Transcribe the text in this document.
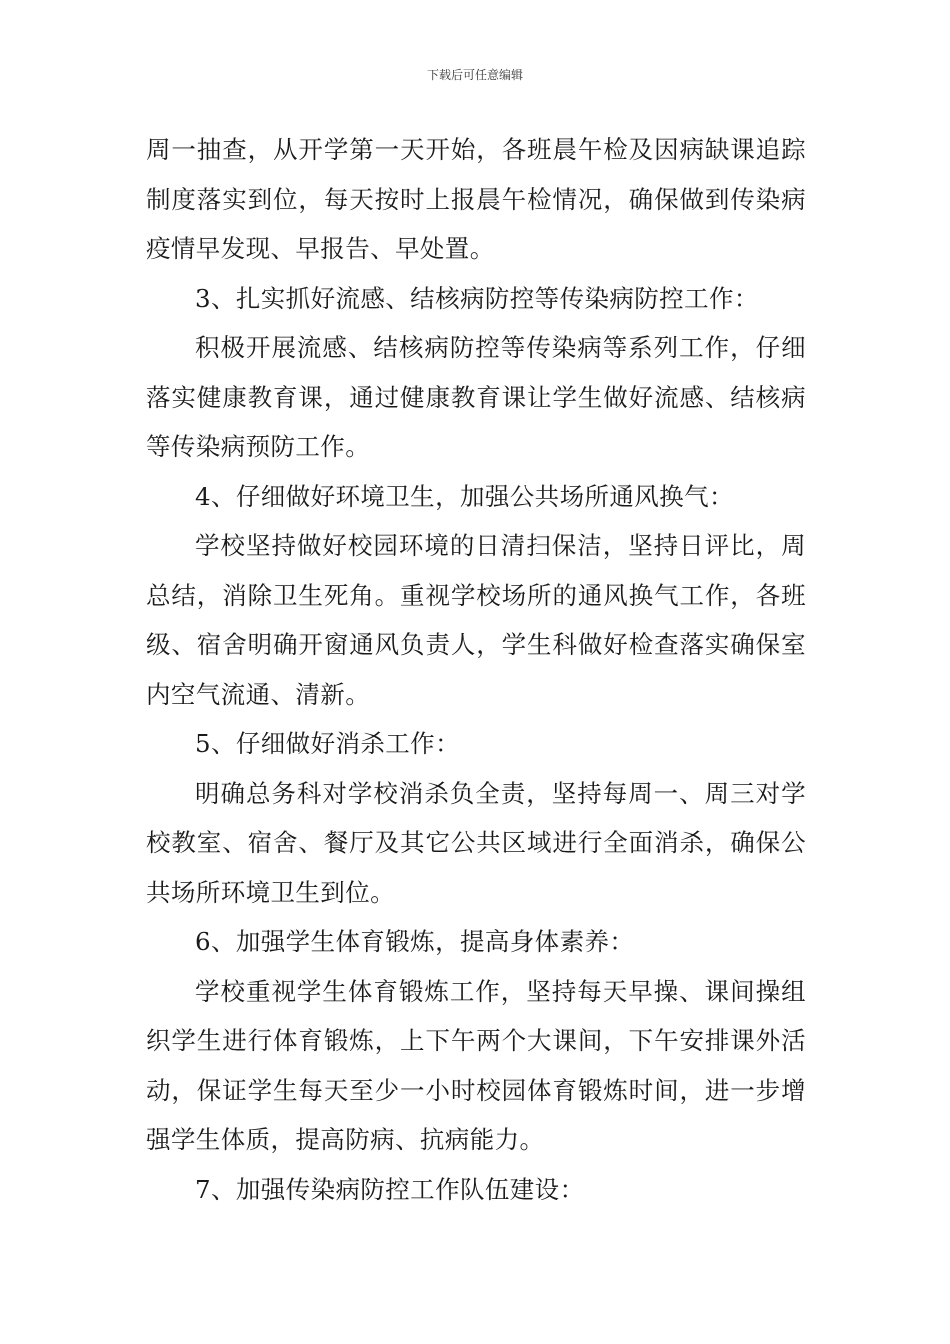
下载后可任意编辑

周一抽查，从开学第一天开始，各班晨午检及因病缺课追踪制度落实到位，每天按时上报晨午检情况，确保做到传染病疫情早发现、早报告、早处置。

3、扎实抓好流感、结核病防控等传染病防控工作：

积极开展流感、结核病防控等传染病等系列工作，仔细落实健康教育课，通过健康教育课让学生做好流感、结核病等传染病预防工作。

4、仔细做好环境卫生，加强公共场所通风换气：

学校坚持做好校园环境的日清扫保洁，坚持日评比，周总结，消除卫生死角。重视学校场所的通风换气工作，各班级、宿舍明确开窗通风负责人，学生科做好检查落实确保室内空气流通、清新。

5、仔细做好消杀工作：

明确总务科对学校消杀负全责，坚持每周一、周三对学校教室、宿舍、餐厅及其它公共区域进行全面消杀，确保公共场所环境卫生到位。

6、加强学生体育锻炼，提高身体素养：

学校重视学生体育锻炼工作，坚持每天早操、课间操组织学生进行体育锻炼，上下午两个大课间，下午安排课外活动，保证学生每天至少一小时校园体育锻炼时间，进一步增强学生体质，提高防病、抗病能力。

7、加强传染病防控工作队伍建设：
